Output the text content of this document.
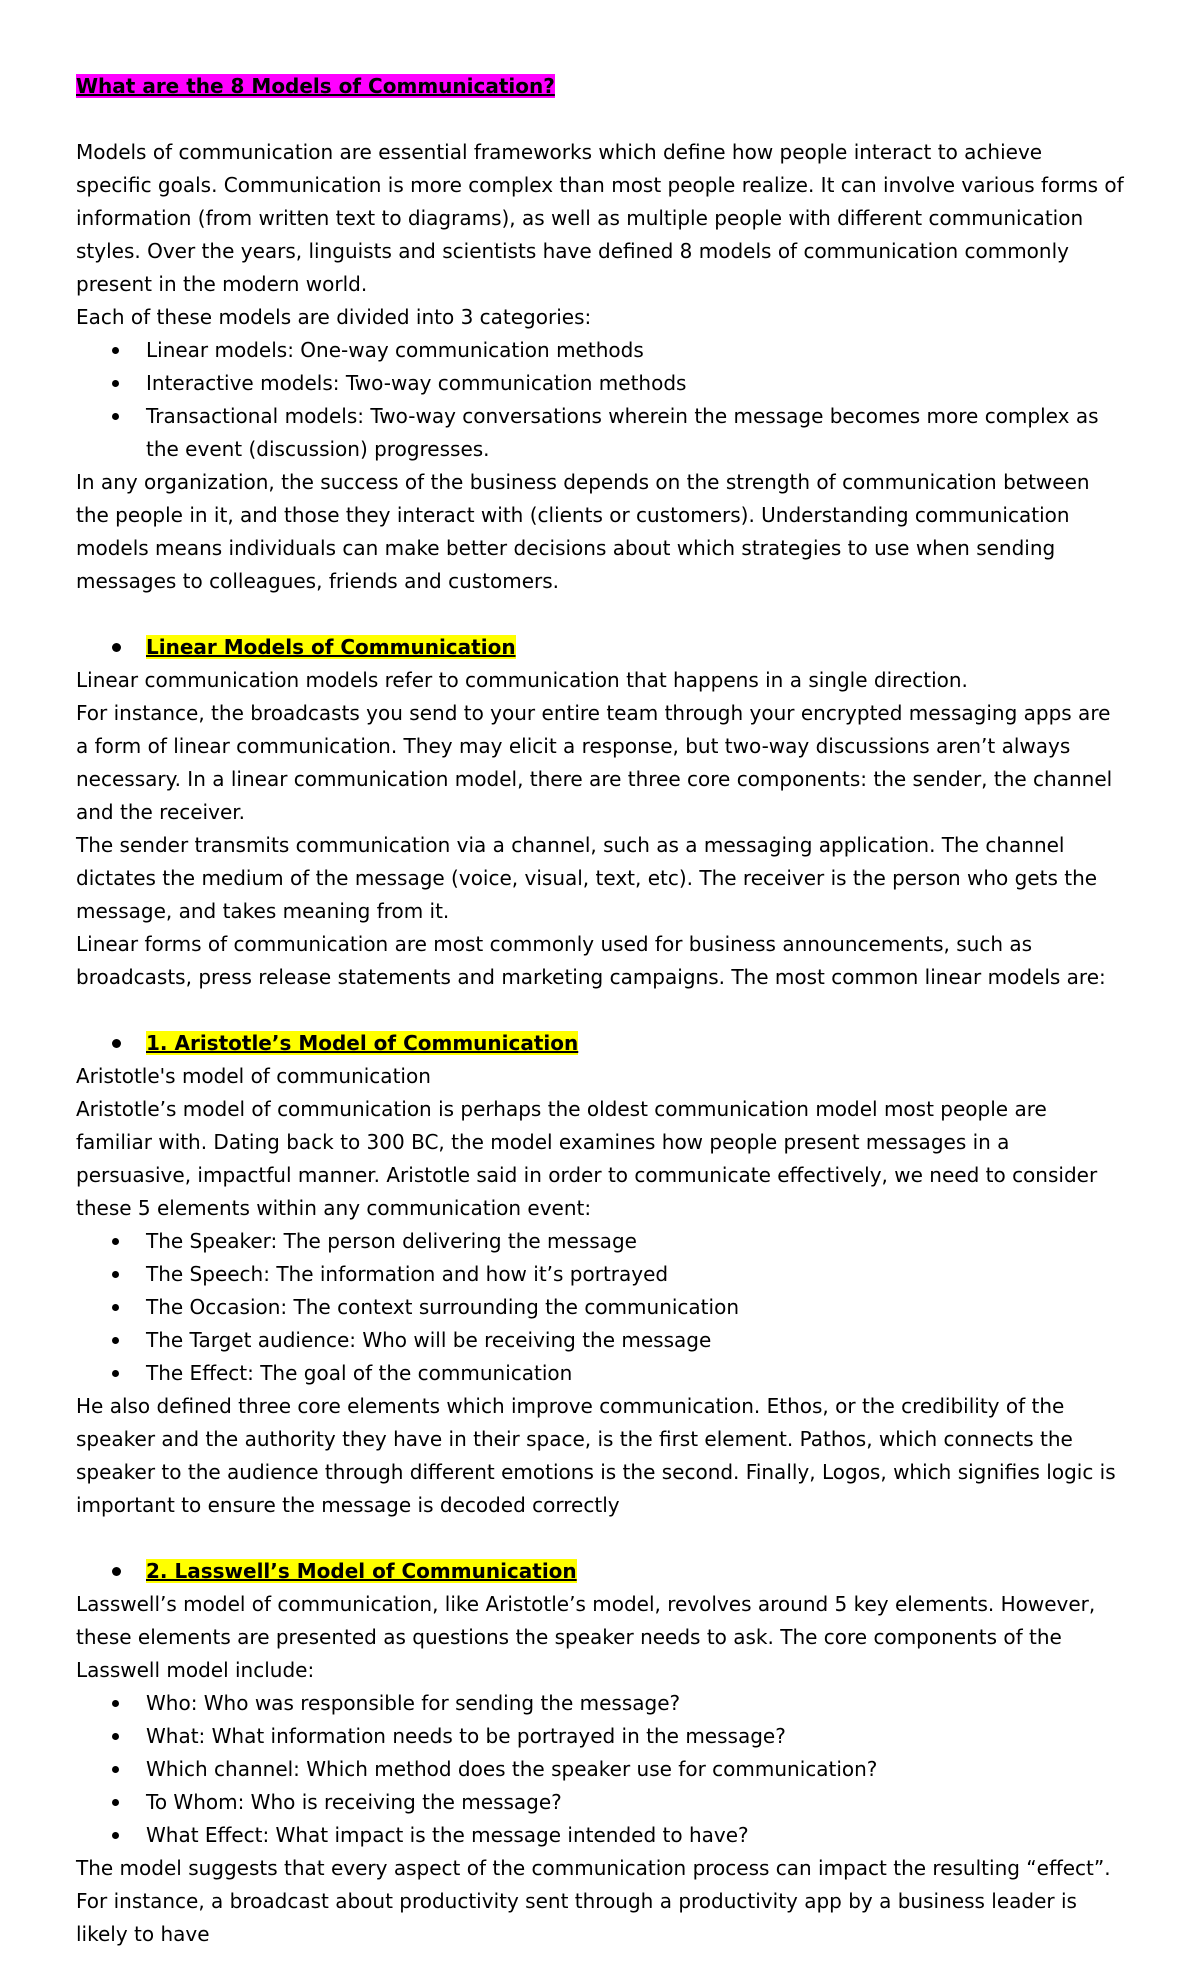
What are the 8 Models of Communication?

Models of communication are essential frameworks which define how people interact to achieve specific goals. Communication is more complex than most people realize. It can involve various forms of information (from written text to diagrams), as well as multiple people with different communication styles. Over the years, linguists and scientists have defined 8 models of communication commonly present in the modern world.

Each of these models are divided into 3 categories:

Linear models: One-way communication methods
Interactive models: Two-way communication methods
Transactional models: Two-way conversations wherein the message becomes more complex as the event (discussion) progresses.

In any organization, the success of the business depends on the strength of communication between the people in it, and those they interact with (clients or customers). Understanding communication models means individuals can make better decisions about which strategies to use when sending messages to colleagues, friends and customers.

Linear Models of Communication

Linear communication models refer to communication that happens in a single direction.

For instance, the broadcasts you send to your entire team through your encrypted messaging apps are a form of linear communication. They may elicit a response, but two-way discussions aren’t always necessary. In a linear communication model, there are three core components: the sender, the channel and the receiver.

The sender transmits communication via a channel, such as a messaging application. The channel dictates the medium of the message (voice, visual, text, etc). The receiver is the person who gets the message, and takes meaning from it.

Linear forms of communication are most commonly used for business announcements, such as broadcasts, press release statements and marketing campaigns. The most common linear models are:

1. Aristotle’s Model of Communication

Aristotle's model of communication

Aristotle’s model of communication is perhaps the oldest communication model most people are familiar with. Dating back to 300 BC, the model examines how people present messages in a persuasive, impactful manner. Aristotle said in order to communicate effectively, we need to consider these 5 elements within any communication event:

The Speaker: The person delivering the message
The Speech: The information and how it’s portrayed
The Occasion: The context surrounding the communication
The Target audience: Who will be receiving the message
The Effect: The goal of the communication

He also defined three core elements which improve communication. Ethos, or the credibility of the speaker and the authority they have in their space, is the first element. Pathos, which connects the speaker to the audience through different emotions is the second. Finally, Logos, which signifies logic is important to ensure the message is decoded correctly

2. Lasswell’s Model of Communication

Lasswell’s model of communication, like Aristotle’s model, revolves around 5 key elements. However, these elements are presented as questions the speaker needs to ask. The core components of the Lasswell model include:

Who: Who was responsible for sending the message?
What: What information needs to be portrayed in the message?
Which channel: Which method does the speaker use for communication?
To Whom: Who is receiving the message?
What Effect: What impact is the message intended to have?

The model suggests that every aspect of the communication process can impact the resulting “effect”. For instance, a broadcast about productivity sent through a productivity app by a business leader is likely to have
